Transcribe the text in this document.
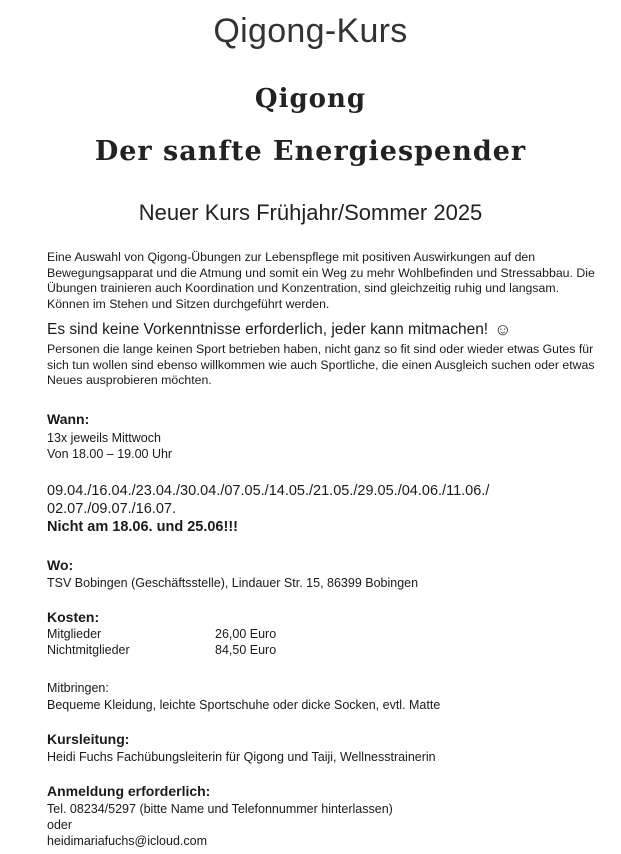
Qigong-Kurs
Qigong
Der sanfte Energiespender
Neuer Kurs Frühjahr/Sommer 2025
Eine Auswahl von Qigong-Übungen zur Lebenspflege mit positiven Auswirkungen auf den Bewegungsapparat und die Atmung und somit ein Weg zu mehr Wohlbefinden und Stressabbau. Die Übungen trainieren auch Koordination und Konzentration, sind gleichzeitig ruhig und langsam. Können im Stehen und Sitzen durchgeführt werden.
Es sind keine Vorkenntnisse erforderlich, jeder kann mitmachen! ☺
Personen die lange keinen Sport betrieben haben, nicht ganz so fit sind oder wieder etwas Gutes für sich tun wollen sind ebenso willkommen wie auch Sportliche, die einen Ausgleich suchen oder etwas Neues ausprobieren möchten.
Wann:
13x jeweils Mittwoch
Von 18.00 – 19.00 Uhr
09.04./16.04./23.04./30.04./07.05./14.05./21.05./29.05./04.06./11.06./
02.07./09.07./16.07.
Nicht am 18.06. und 25.06!!!
Wo:
TSV Bobingen (Geschäftsstelle), Lindauer Str. 15, 86399 Bobingen
Kosten:
Mitglieder	26,00 Euro
Nichtmitglieder	84,50 Euro
Mitbringen:
Bequeme Kleidung, leichte Sportschuhe oder dicke Socken, evtl. Matte
Kursleitung:
Heidi Fuchs Fachübungsleiterin für Qigong und Taiji, Wellnesstrainerin
Anmeldung erforderlich:
Tel. 08234/5297 (bitte Name und Telefonnummer hinterlassen)
oder
heidimariafuchs@icloud.com
